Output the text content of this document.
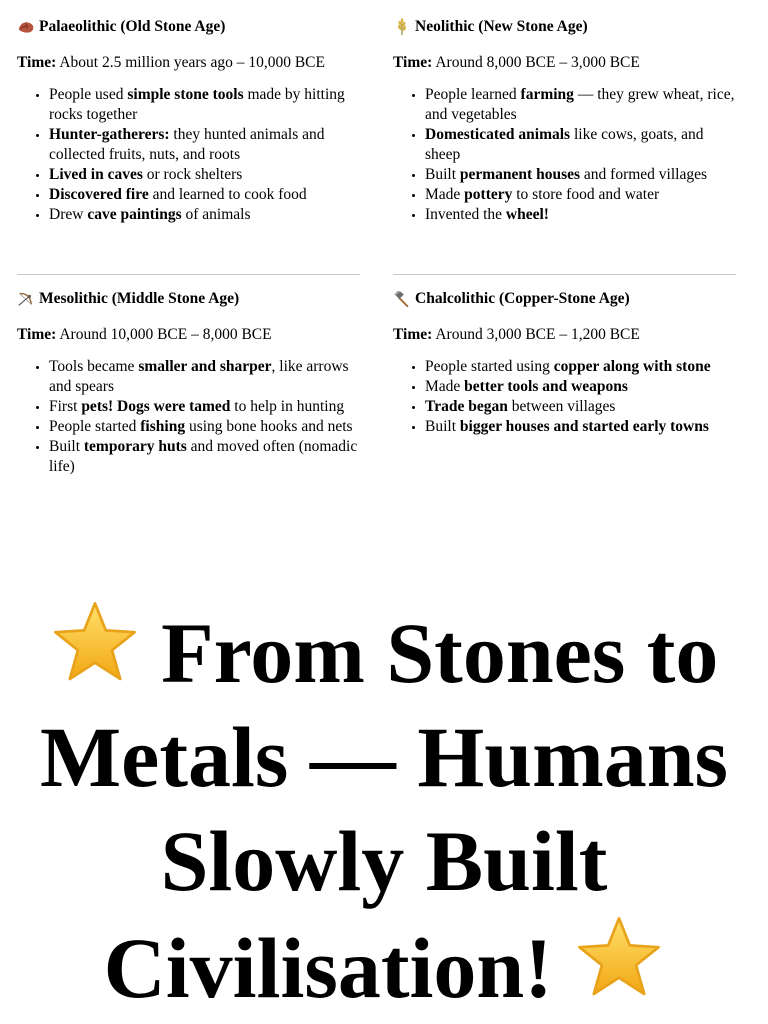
Palaeolithic (Old Stone Age)

Time: About 2.5 million years ago – 10,000 BCE

• People used simple stone tools made by hitting rocks together
• Hunter-gatherers: they hunted animals and collected fruits, nuts, and roots
• Lived in caves or rock shelters
• Discovered fire and learned to cook food
• Drew cave paintings of animals
Neolithic (New Stone Age)

Time: Around 8,000 BCE – 3,000 BCE

• People learned farming — they grew wheat, rice, and vegetables
• Domesticated animals like cows, goats, and sheep
• Built permanent houses and formed villages
• Made pottery to store food and water
• Invented the wheel!
Mesolithic (Middle Stone Age)

Time: Around 10,000 BCE – 8,000 BCE

• Tools became smaller and sharper, like arrows and spears
• First pets! Dogs were tamed to help in hunting
• People started fishing using bone hooks and nets
• Built temporary huts and moved often (nomadic life)
Chalcolithic (Copper-Stone Age)

Time: Around 3,000 BCE – 1,200 BCE

• People started using copper along with stone
• Made better tools and weapons
• Trade began between villages
• Built bigger houses and started early towns
From Stones to Metals — Humans Slowly Built Civilisation!
